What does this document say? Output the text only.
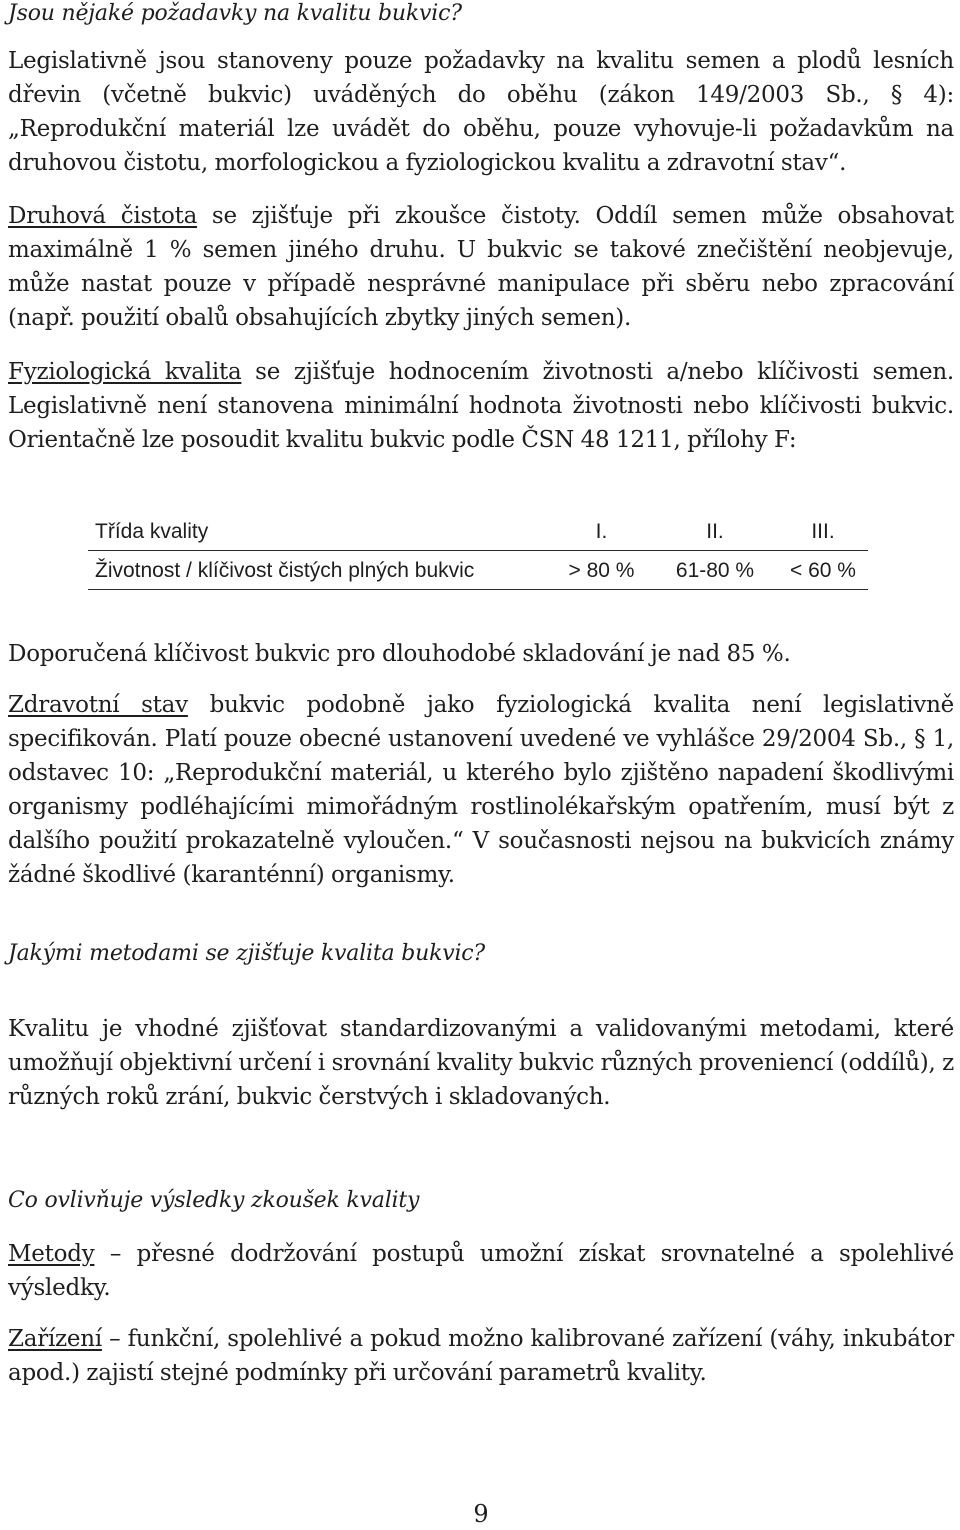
Jsou nějaké požadavky na kvalitu bukvic?

Legislativně jsou stanoveny pouze požadavky na kvalitu semen a plodů lesních dřevin (včetně bukvic) uváděných do oběhu (zákon 149/2003 Sb., § 4): „Reprodukční materiál lze uvádět do oběhu, pouze vyhovuje-li požadavkům na druhovou čistotu, morfologickou a fyziologickou kvalitu a zdravotní stav“.

Druhová čistota se zjišťuje při zkoušce čistoty. Oddíl semen může obsahovat maximálně 1 % semen jiného druhu. U bukvic se takové znečištění neobjevuje, může nastat pouze v případě nesprávné manipulace při sběru nebo zpracování (např. použití obalů obsahujících zbytky jiných semen).

Fyziologická kvalita se zjišťuje hodnocením životnosti a/nebo klíčivosti semen. Legislativně není stanovena minimální hodnota životnosti nebo klíčivosti bukvic. Orientačně lze posoudit kvalitu bukvic podle ČSN 48 1211, přílohy F:

Doporučená klíčivost bukvic pro dlouhodobé skladování je nad 85 %.

Zdravotní stav bukvic podobně jako fyziologická kvalita není legislativně specifikován. Platí pouze obecné ustanovení uvedené ve vyhlášce 29/2004 Sb., § 1, odstavec 10: „Reprodukční materiál, u kterého bylo zjištěno napadení škodlivými organismy podléhajícími mimořádným rostlinolékařským opatřením, musí být z dalšího použití prokazatelně vyloučen.“ V současnosti nejsou na bukvicích známy žádné škodlivé (karanténní) organismy.

Jakými metodami se zjišťuje kvalita bukvic?

Kvalitu je vhodné zjišťovat standardizovanými a validovanými metodami, které umožňují objektivní určení i srovnání kvality bukvic různých proveniencí (oddílů), z různých roků zrání, bukvic čerstvých i skladovaných.

Co ovlivňuje výsledky zkoušek kvality

Metody – přesné dodržování postupů umožní získat srovnatelné a spolehlivé výsledky.

Zařízení – funkční, spolehlivé a pokud možno kalibrované zařízení (váhy, inkubátor apod.) zajistí stejné podmínky při určování parametrů kvality.

9
Třída kvality	I.	II.	III.
Životnost / klíčivost čistých plných bukvic	> 80 %	61-80 %	< 60 %
